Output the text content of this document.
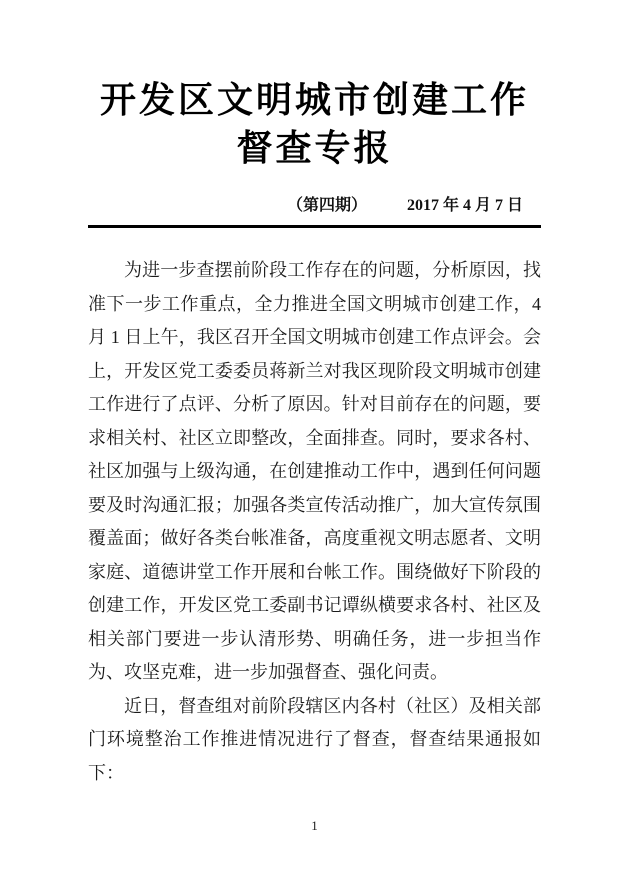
开发区文明城市创建工作
督查专报
（第四期）	2017 年 4 月 7 日

为进一步查摆前阶段工作存在的问题，分析原因，找准下一步工作重点，全力推进全国文明城市创建工作，4 月 1 日上午，我区召开全国文明城市创建工作点评会。会上，开发区党工委委员蒋新兰对我区现阶段文明城市创建工作进行了点评、分析了原因。针对目前存在的问题，要求相关村、社区立即整改，全面排查。同时，要求各村、社区加强与上级沟通，在创建推动工作中，遇到任何问题要及时沟通汇报；加强各类宣传活动推广，加大宣传氛围覆盖面；做好各类台帐准备，高度重视文明志愿者、文明家庭、道德讲堂工作开展和台帐工作。围绕做好下阶段的创建工作，开发区党工委副书记谭纵横要求各村、社区及相关部门要进一步认清形势、明确任务，进一步担当作为、攻坚克难，进一步加强督查、强化问责。

近日，督查组对前阶段辖区内各村（社区）及相关部门环境整治工作推进情况进行了督查，督查结果通报如下：

1
